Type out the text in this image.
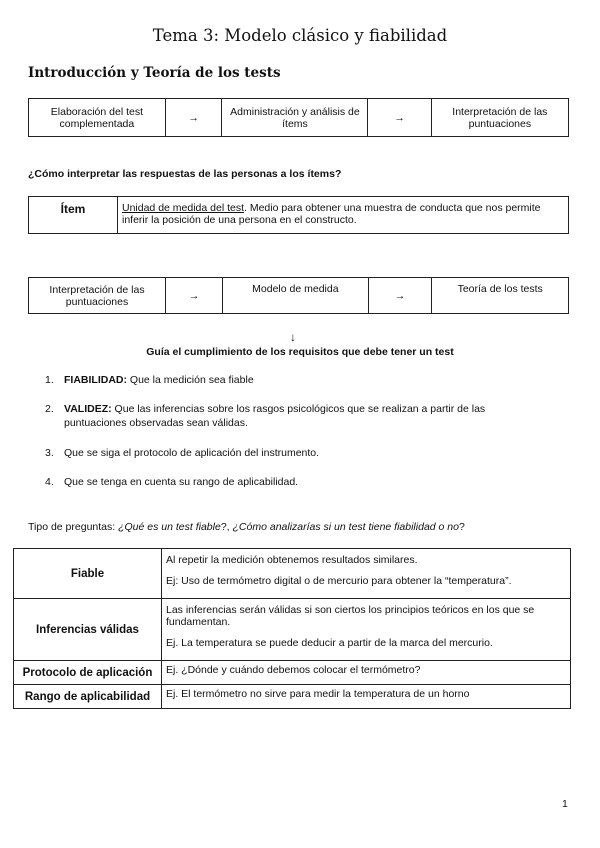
Tema 3: Modelo clásico y fiabilidad
Introducción y Teoría de los tests
Elaboración del test complementada	→	Administración y análisis de ítems	→	Interpretación de las puntuaciones
¿Cómo interpretar las respuestas de las personas a los ítems?
Ítem	Unidad de medida del test. Medio para obtener una muestra de conducta que nos permite inferir la posición de una persona en el constructo.
Interpretación de las puntuaciones	→	Modelo de medida	→	Teoría de los tests
↓
Guía el cumplimiento de los requisitos que debe tener un test
1. FIABILIDAD: Que la medición sea fiable
2. VALIDEZ: Que las inferencias sobre los rasgos psicológicos que se realizan a partir de las puntuaciones observadas sean válidas.
3. Que se siga el protocolo de aplicación del instrumento.
4. Que se tenga en cuenta su rango de aplicabilidad.
Tipo de preguntas: ¿Qué es un test fiable?, ¿Cómo analizarías si un test tiene fiabilidad o no?
Fiable	Al repetir la medición obtenemos resultados similares.
Ej: Uso de termómetro digital o de mercurio para obtener la “temperatura”.

Inferencias válidas	Las inferencias serán válidas si son ciertos los principios teóricos en los que se fundamentan.
Ej. La temperatura se puede deducir a partir de la marca del mercurio.

Protocolo de aplicación	Ej. ¿Dónde y cuándo debemos colocar el termómetro?

Rango de aplicabilidad	Ej. El termómetro no sirve para medir la temperatura de un horno
1
